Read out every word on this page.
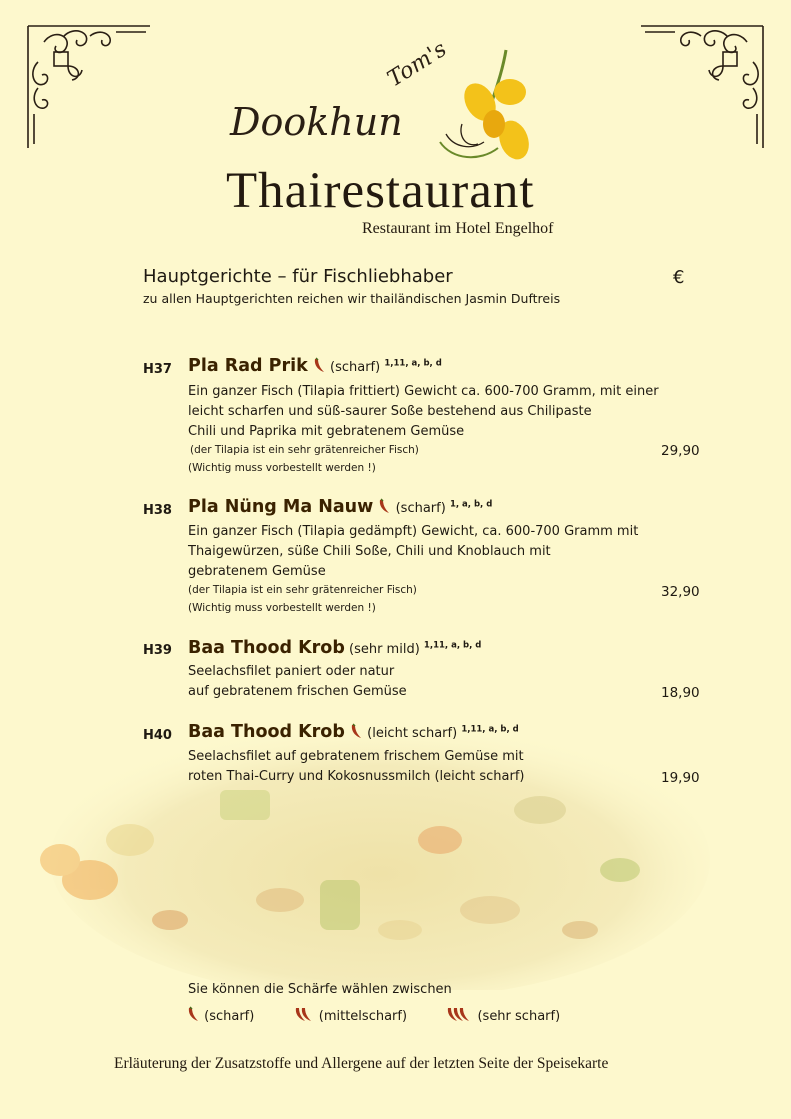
Tom's
Dookhun
Thairestaurant
Restaurant im Hotel Engelhof
Hauptgerichte – für Fischliebhaber	€
zu allen Hauptgerichten reichen wir thailändischen Jasmin Duftreis
H37 Pla Rad Prik (scharf) $^{1,11, a, b, d}$
Ein ganzer Fisch (Tilapia frittiert) Gewicht ca. 600-700 Gramm, mit einer
leicht scharfen und süß-saurer Soße bestehend aus Chilipaste
Chili und Paprika mit gebratenem Gemüse
(der Tilapia ist ein sehr grätenreicher Fisch)
(Wichtig muss vorbestellt werden !)
29,90
H38 Pla Nüng Ma Nauw (scharf) $^{1, a, b, d}$
Ein ganzer Fisch (Tilapia gedämpft) Gewicht, ca. 600-700 Gramm mit
Thaigewürzen, süße Chili Soße, Chili und Knoblauch mit
gebratenem Gemüse
(der Tilapia ist ein sehr grätenreicher Fisch)
(Wichtig muss vorbestellt werden !)
32,90
H39 Baa Thood Krob (sehr mild) $^{1,11, a, b, d}$
Seelachsfilet paniert oder natur
auf gebratenem frischen Gemüse	18,90
H40 Baa Thood Krob (leicht scharf) $^{1,11, a, b, d}$
Seelachsfilet auf gebratenem frischem Gemüse mit
roten Thai-Curry und Kokosnussmilch (leicht scharf)	19,90
Sie können die Schärfe wählen zwischen
(scharf)	(mittelscharf)	(sehr scharf)
Erläuterung der Zusatzstoffe und Allergene auf der letzten Seite der Speisekarte
